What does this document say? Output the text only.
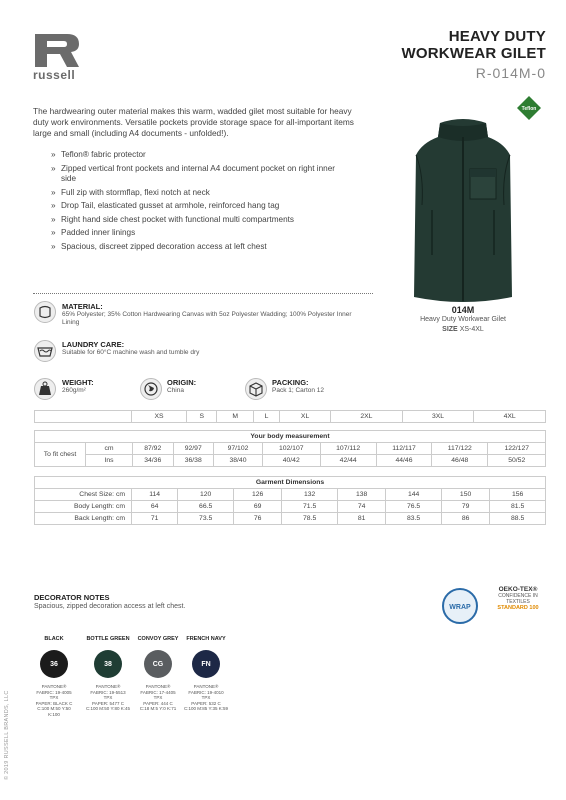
russell
HEAVY DUTY
WORKWEAR GILET
R-014M-0
The hardwearing outer material makes this warm, wadded gilet most suitable for heavy duty work environments. Versatile pockets provide storage space for all-important items large and small (including A4 documents - unfolded!).
» Teflon® fabric protector
» Zipped vertical front pockets and internal A4 document pocket on right inner side
» Full zip with stormflap, flexi notch at neck
» Drop Tail, elasticated gusset at armhole, reinforced hang tag
» Right hand side chest pocket with functional multi compartments
» Padded inner linings
» Spacious, discreet zipped decoration access at left chest
Teflon
014M
Heavy Duty Workwear Gilet
SIZE XS-4XL
MATERIAL:
65% Polyester; 35% Cotton Hardwearing Canvas with 5oz Polyester Wadding; 100% Polyester Inner Lining
LAUNDRY CARE:
Suitable for 60°C machine wash and tumble dry
WEIGHT:
260g/m²
ORIGIN:
China
PACKING:
Pack 1; Carton 12
	XS	S	M	L	XL	2XL	3XL	4XL
Your body measurement									
To fit chest	cm	87/92	92/97	97/102	102/107	107/112	112/117	117/122	122/127
	Ins	34/36	36/38	38/40	40/42	42/44	44/46	46/48	50/52
Garment Dimensions								
Chest Size: cm	114	120	126	132	138	144	150	156
Body Length: cm	64	66.5	69	71.5	74	76.5	79	81.5
Back Length: cm	71	73.5	76	78.5	81	83.5	86	88.5
DECORATOR NOTES
Spacious, zipped decoration access at left chest.	WRAP
OEKO-TEX®
CONFIDENCE IN TEXTILES
STANDARD 100
BLACK
36
PANTONE®
FABRIC: 19-4005 TPX
PAPER: BLACK C
C:100 M:50 Y:50 K:100
BOTTLE GREEN
38
PANTONE®
FABRIC: 19-5513 TPX
PAPER: 5477 C
C:100 M:50 Y:80 K:45
CONVOY GREY
CG
PANTONE®
FABRIC: 17-4405 TPX
PAPER: 444 C
C:18 M:5 Y:0 K:71
FRENCH NAVY
FN
PANTONE®
FABRIC: 19-4010 TPX
PAPER: 532 C
C:100 M:85 Y:35 K:59
© 2019 RUSSELL BRANDS, LLC
